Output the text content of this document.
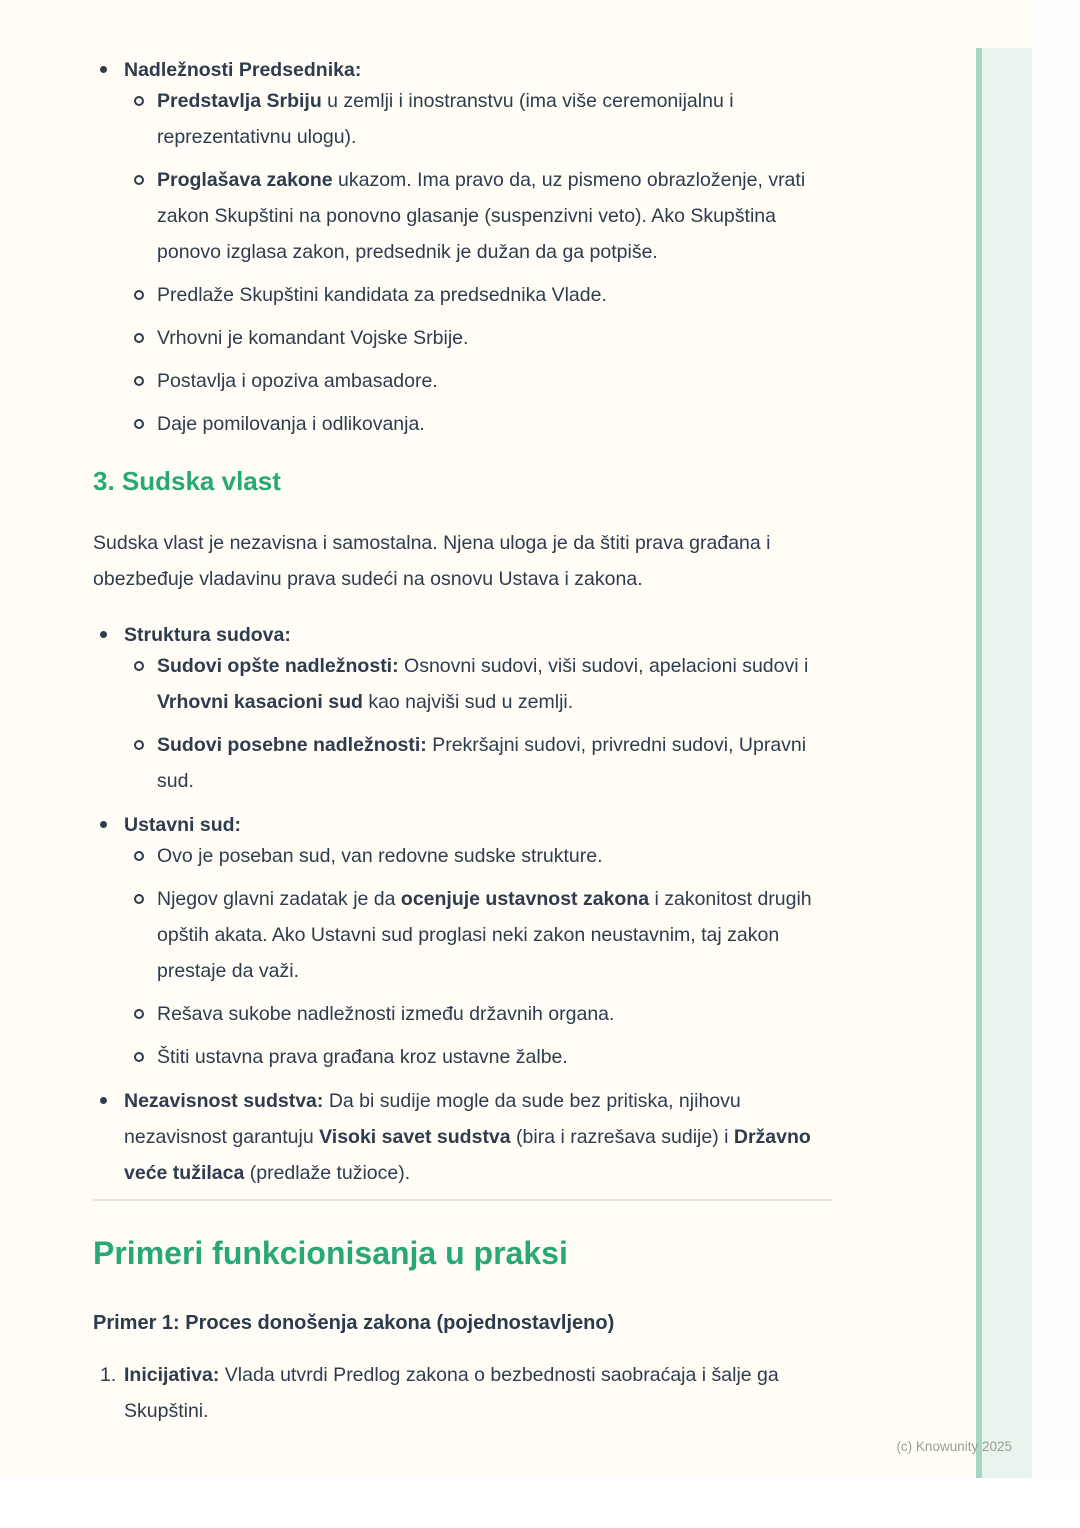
Nadležnosti Predsednika:
Predstavlja Srbiju u zemlji i inostranstvu (ima više ceremonijalnu i reprezentativnu ulogu).
Proglašava zakone ukazom. Ima pravo da, uz pismeno obrazloženje, vrati zakon Skupštini na ponovno glasanje (suspenzivni veto). Ako Skupština ponovo izglasa zakon, predsednik je dužan da ga potpiše.
Predlaže Skupštini kandidata za predsednika Vlade.
Vrhovni je komandant Vojske Srbije.
Postavlja i opoziva ambasadore.
Daje pomilovanja i odlikovanja.
3. Sudska vlast

Sudska vlast je nezavisna i samostalna. Njena uloga je da štiti prava građana i obezbeđuje vladavinu prava sudeći na osnovu Ustava i zakona.

Struktura sudova:
Sudovi opšte nadležnosti: Osnovni sudovi, viši sudovi, apelacioni sudovi i Vrhovni kasacioni sud kao najviši sud u zemlji.
Sudovi posebne nadležnosti: Prekršajni sudovi, privredni sudovi, Upravni sud.
Ustavni sud:
Ovo je poseban sud, van redovne sudske strukture.
Njegov glavni zadatak je da ocenjuje ustavnost zakona i zakonitost drugih opštih akata. Ako Ustavni sud proglasi neki zakon neustavnim, taj zakon prestaje da važi.
Rešava sukobe nadležnosti između državnih organa.
Štiti ustavna prava građana kroz ustavne žalbe.
Nezavisnost sudstva: Da bi sudije mogle da sude bez pritiska, njihovu nezavisnost garantuju Visoki savet sudstva (bira i razrešava sudije) i Državno veće tužilaca (predlaže tužioce).
Primeri funkcionisanja u praksi
Primer 1: Proces donošenja zakona (pojednostavljeno)
1. Inicijativa: Vlada utvrdi Predlog zakona o bezbednosti saobraćaja i šalje ga Skupštini.
(c) Knowunity 2025
